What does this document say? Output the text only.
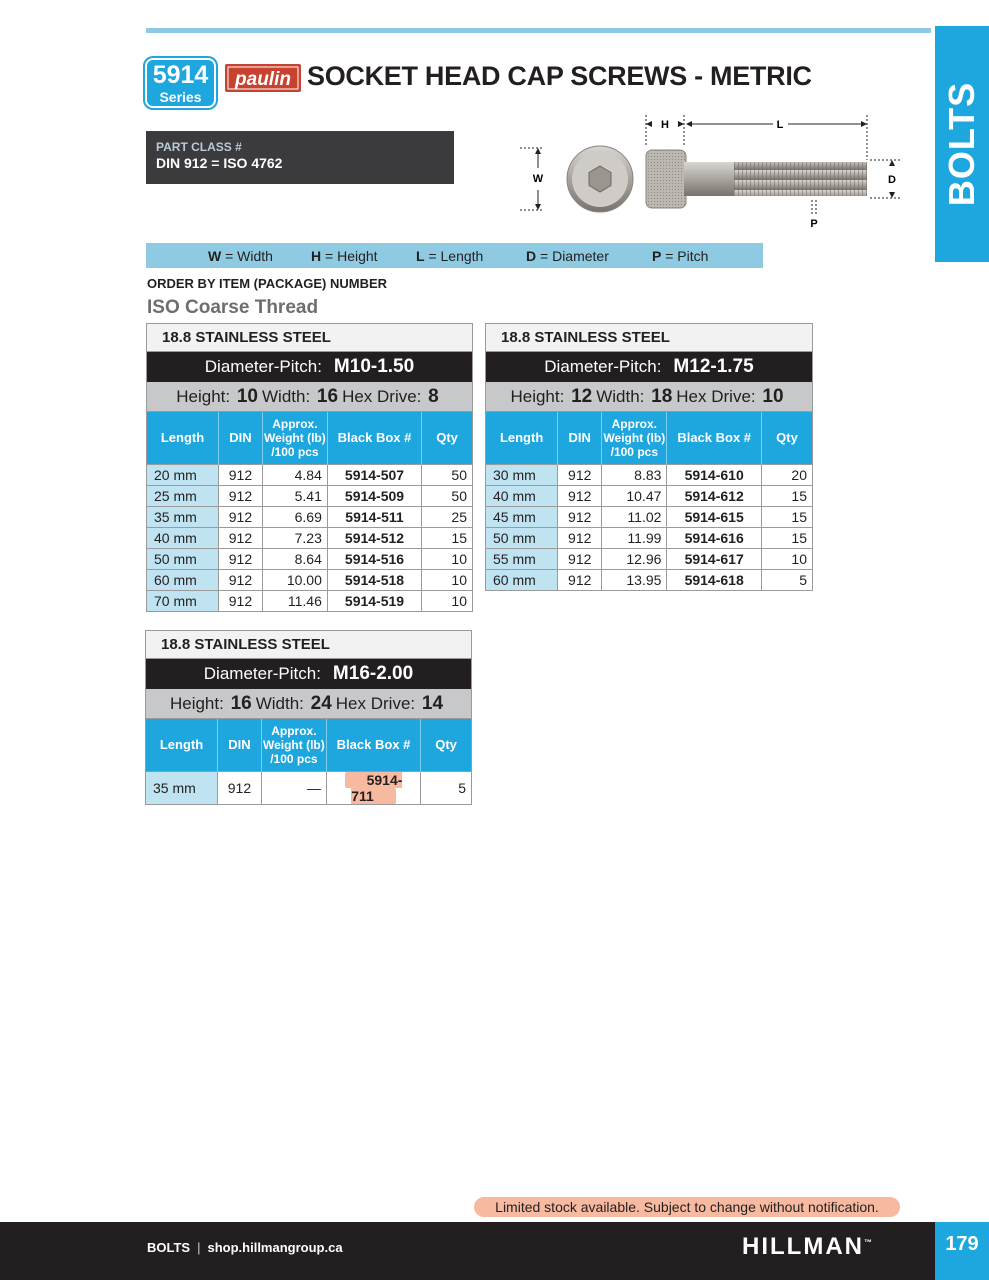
BOLTS
5914
Series
paulin SOCKET HEAD CAP SCREWS - METRIC
PART CLASS #
DIN 912 = ISO 4762
W
H	L
D
P
W = Width	H = Height	L = Length	D = Diameter	P = Pitch
ORDER BY ITEM (PACKAGE) NUMBER
ISO Coarse Thread
18.8 STAINLESS STEEL
Diameter-Pitch: M10-1.50
Height: 10 Width: 16 Hex Drive: 8
Length	DIN	Approx.
Weight (lb)
/100 pcs	Black Box #	Qty
20 mm	912	4.84	5914-507	50
25 mm	912	5.41	5914-509	50
35 mm	912	6.69	5914-511	25
40 mm	912	7.23	5914-512	15
50 mm	912	8.64	5914-516	10
60 mm	912	10.00	5914-518	10
70 mm	912	11.46	5914-519	10
18.8 STAINLESS STEEL
Diameter-Pitch: M12-1.75
Height: 12 Width: 18 Hex Drive: 10
Length	DIN	Approx.
Weight (lb)
/100 pcs	Black Box #	Qty
30 mm	912	8.83	5914-610	20
40 mm	912	10.47	5914-612	15
45 mm	912	11.02	5914-615	15
50 mm	912	11.99	5914-616	15
55 mm	912	12.96	5914-617	10
60 mm	912	13.95	5914-618	5
18.8 STAINLESS STEEL
Diameter-Pitch: M16-2.00
Height: 16 Width: 24 Hex Drive: 14
Length	DIN	Approx.
Weight (lb)
/100 pcs	Black Box #	Qty
35 mm	912	—	5914-711	5
Limited stock available. Subject to change without notification.
BOLTS | shop.hillmangroup.ca	HILLMAN™	179
